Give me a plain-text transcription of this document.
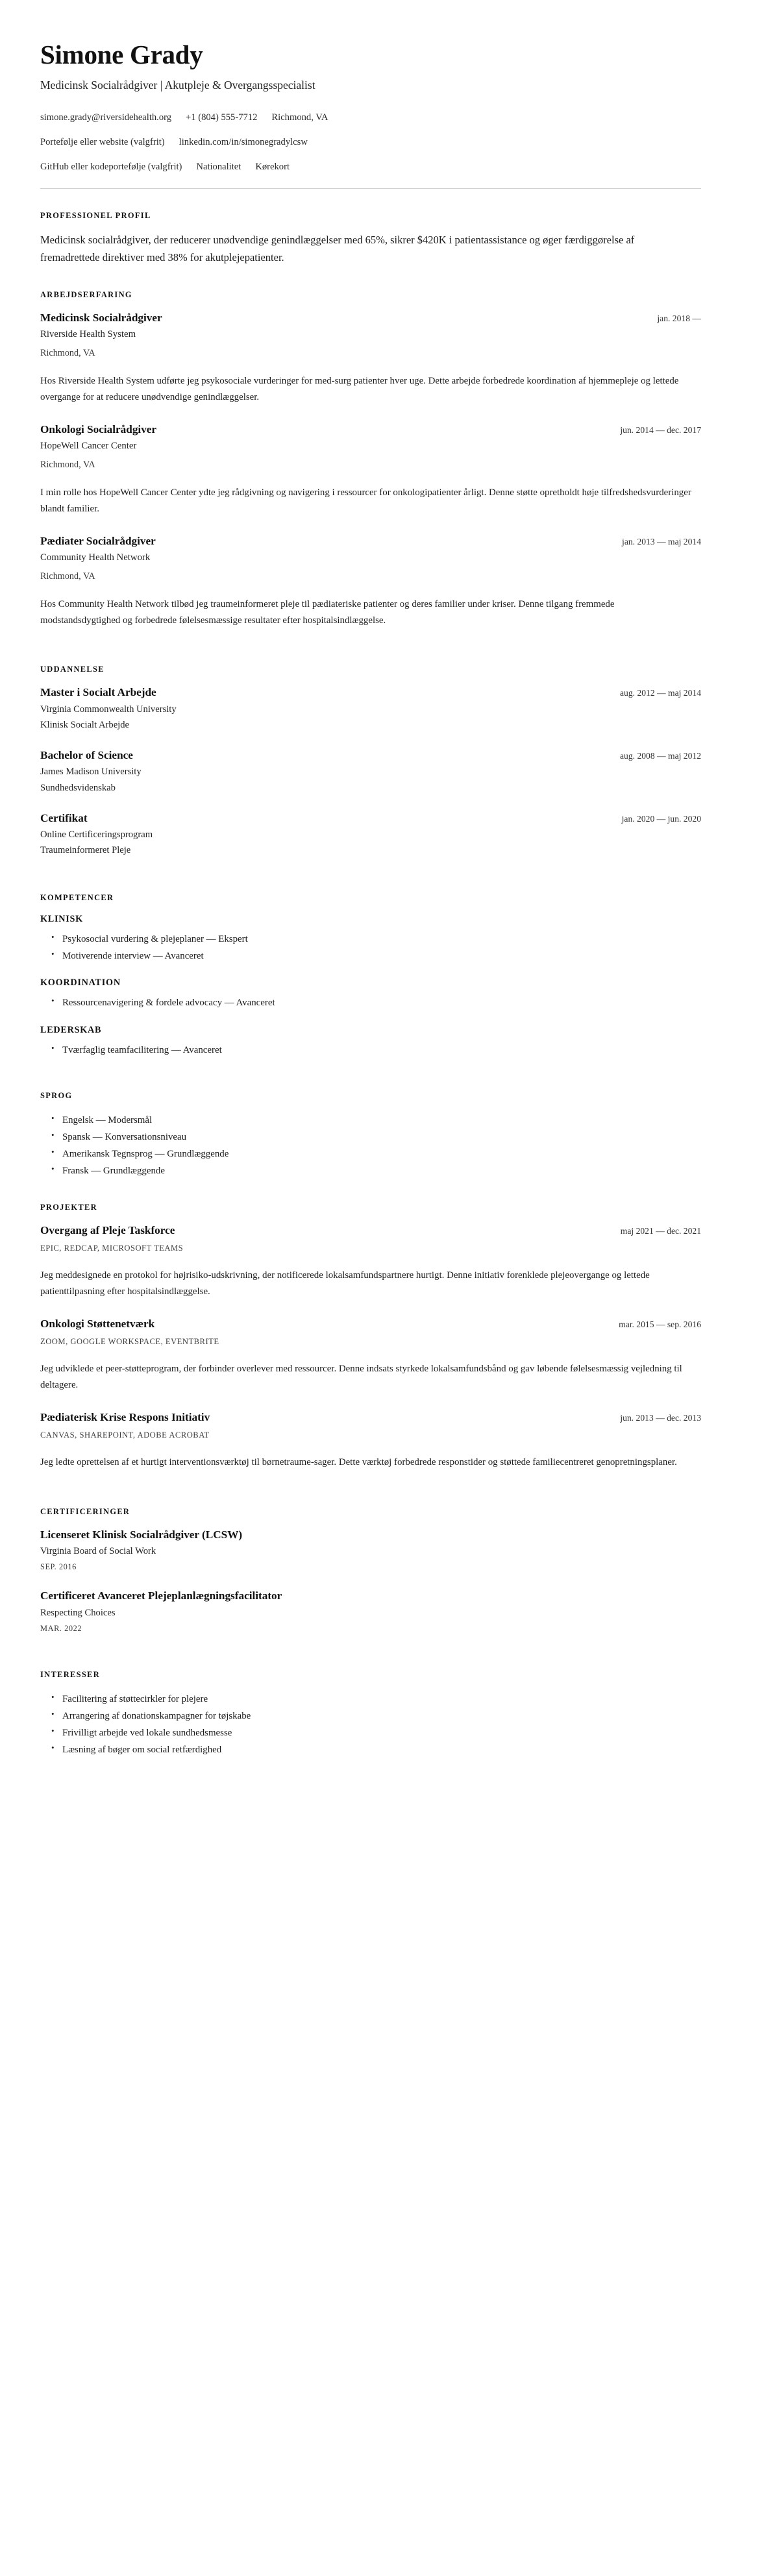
Simone Grady
Medicinsk Socialrådgiver | Akutpleje & Overgangsspecialist
simone.grady@riversidehealth.org +1 (804) 555-7712 Richmond, VA
Portefølje eller website (valgfrit) linkedin.com/in/simonegradylcsw
GitHub eller kodeportefølje (valgfrit) Nationalitet Kørekort
PROFESSIONEL PROFIL

Medicinsk socialrådgiver, der reducerer unødvendige genindlæggelser med 65%, sikrer $420K i patientassistance og øger færdiggørelse af fremadrettede direktiver med 38% for akutplejepatienter.

ARBEJDSERFARING
Medicinsk Socialrådgiver	jan. 2018 —
Riverside Health System
Richmond, VA
Hos Riverside Health System udførte jeg psykosociale vurderinger for med-surg patienter hver uge. Dette arbejde forbedrede koordination af hjemmepleje og lettede overgange for at reducere unødvendige genindlæggelser.
Onkologi Socialrådgiver	jun. 2014 — dec. 2017
HopeWell Cancer Center
Richmond, VA
I min rolle hos HopeWell Cancer Center ydte jeg rådgivning og navigering i ressourcer for onkologipatienter årligt. Denne støtte opretholdt høje tilfredshedsvurderinger blandt familier.
Pædiater Socialrådgiver	jan. 2013 — maj 2014
Community Health Network
Richmond, VA
Hos Community Health Network tilbød jeg traumeinformeret pleje til pædiateriske patienter og deres familier under kriser. Denne tilgang fremmede modstandsdygtighed og forbedrede følelsesmæssige resultater efter hospitalsindlæggelse.
UDDANNELSE
Master i Socialt Arbejde	aug. 2012 — maj 2014
Virginia Commonwealth University
Klinisk Socialt Arbejde
Bachelor of Science	aug. 2008 — maj 2012
James Madison University
Sundhedsvidenskab
Certifikat	jan. 2020 — jun. 2020
Online Certificeringsprogram
Traumeinformeret Pleje
KOMPETENCER
KLINISK
• Psykosocial vurdering & plejeplaner — Ekspert
• Motiverende interview — Avanceret
KOORDINATION
• Ressourcenavigering & fordele advocacy — Avanceret
LEDERSKAB
• Tværfaglig teamfacilitering — Avanceret
SPROG
• Engelsk — Modersmål
• Spansk — Konversationsniveau
• Amerikansk Tegnsprog — Grundlæggende
• Fransk — Grundlæggende
PROJEKTER
Overgang af Pleje Taskforce	maj 2021 — dec. 2021
EPIC, REDCAP, MICROSOFT TEAMS
Jeg meddesignede en protokol for højrisiko-udskrivning, der notificerede lokalsamfundspartnere hurtigt. Denne initiativ forenklede plejeovergange og lettede patienttilpasning efter hospitalsindlæggelse.
Onkologi Støttenetværk	mar. 2015 — sep. 2016
ZOOM, GOOGLE WORKSPACE, EVENTBRITE
Jeg udviklede et peer-støtteprogram, der forbinder overlever med ressourcer. Denne indsats styrkede lokalsamfundsbånd og gav løbende følelsesmæssig vejledning til deltagere.
Pædiaterisk Krise Respons Initiativ	jun. 2013 — dec. 2013
CANVAS, SHAREPOINT, ADOBE ACROBAT
Jeg ledte oprettelsen af et hurtigt interventionsværktøj til børnetraume-sager. Dette værktøj forbedrede responstider og støttede familiecentreret genopretningsplaner.
CERTIFICERINGER
Licenseret Klinisk Socialrådgiver (LCSW)
Virginia Board of Social Work
SEP. 2016
Certificeret Avanceret Plejeplanlægningsfacilitator
Respecting Choices
MAR. 2022
INTERESSER
• Facilitering af støttecirkler for plejere
• Arrangering af donationskampagner for tøjskabe
• Frivilligt arbejde ved lokale sundhedsmesse
• Læsning af bøger om social retfærdighed
